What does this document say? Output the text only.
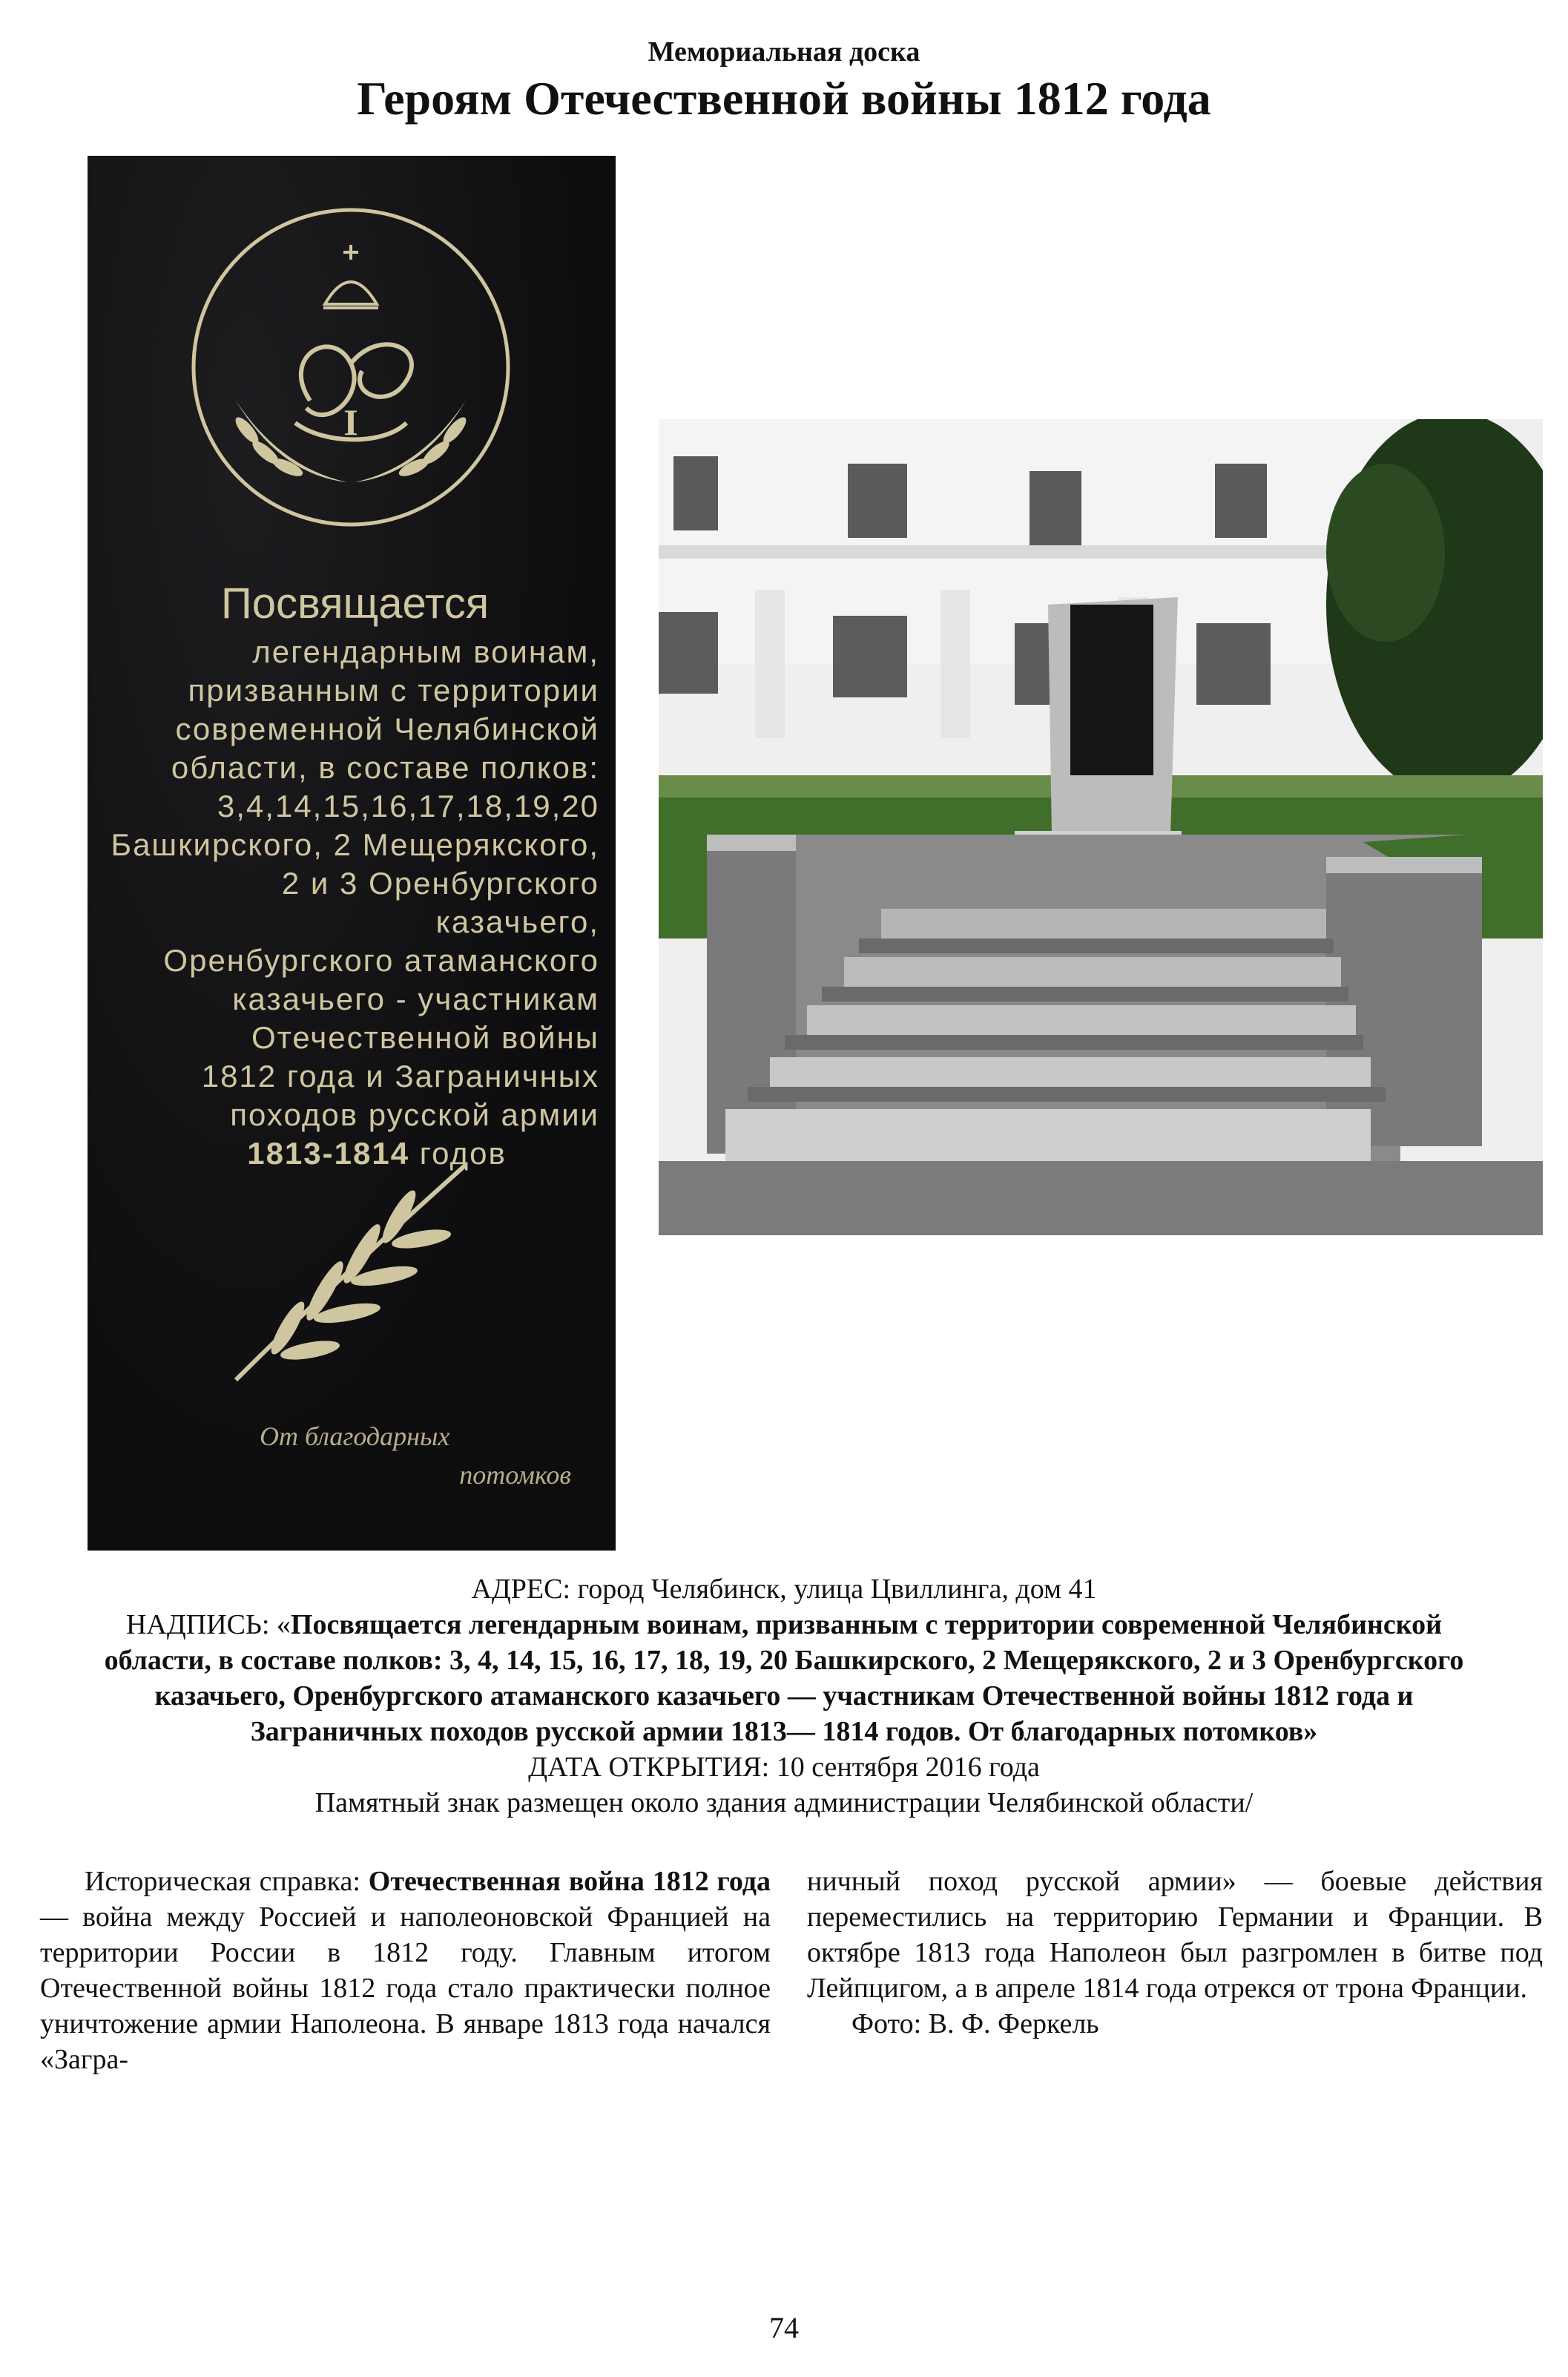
Мемориальная доска
Героям Отечественной войны 1812 года
I
Посвящается
легендарным воинам,
призванным с территории
современной Челябинской
области, в составе полков:
3,4,14,15,16,17,18,19,20
Башкирского, 2 Мещерякского,
2 и 3 Оренбургского казачьего,
Оренбургского атаманского
казачьего - участникам
Отечественной войны
1812 года и Заграничных
походов русской армии
1813-1814 годов
От благодарных
потомков
АДРЕС: город Челябинск, улица Цвиллинга, дом 41
НАДПИСЬ: «Посвящается легендарным воинам, призванным с территории современной Челябинской области, в составе полков: 3, 4, 14, 15, 16, 17, 18, 19, 20 Башкирского, 2 Мещерякского, 2 и 3 Оренбургского казачьего, Оренбургского атаманского казачьего — участникам Отечественной войны 1812 года и Заграничных походов русской армии 1813— 1814 годов. От благодарных потомков»
ДАТА ОТКРЫТИЯ: 10 сентября 2016 года
Памятный знак размещен около здания администрации Челябинской области/
Историческая справка: Отечественная война 1812 года — война между Россией и наполеоновской Францией на территории России в 1812 году. Главным итогом Отечественной войны 1812 года стало практически полное уничтожение армии Наполеона. В январе 1813 года начался «Загра-
ничный поход русской армии» — боевые действия переместились на территорию Германии и Франции. В октябре 1813 года Наполеон был разгромлен в битве под Лейпцигом, а в апреле 1814 года отрекся от трона Франции.
Фото: В. Ф. Феркель
74
